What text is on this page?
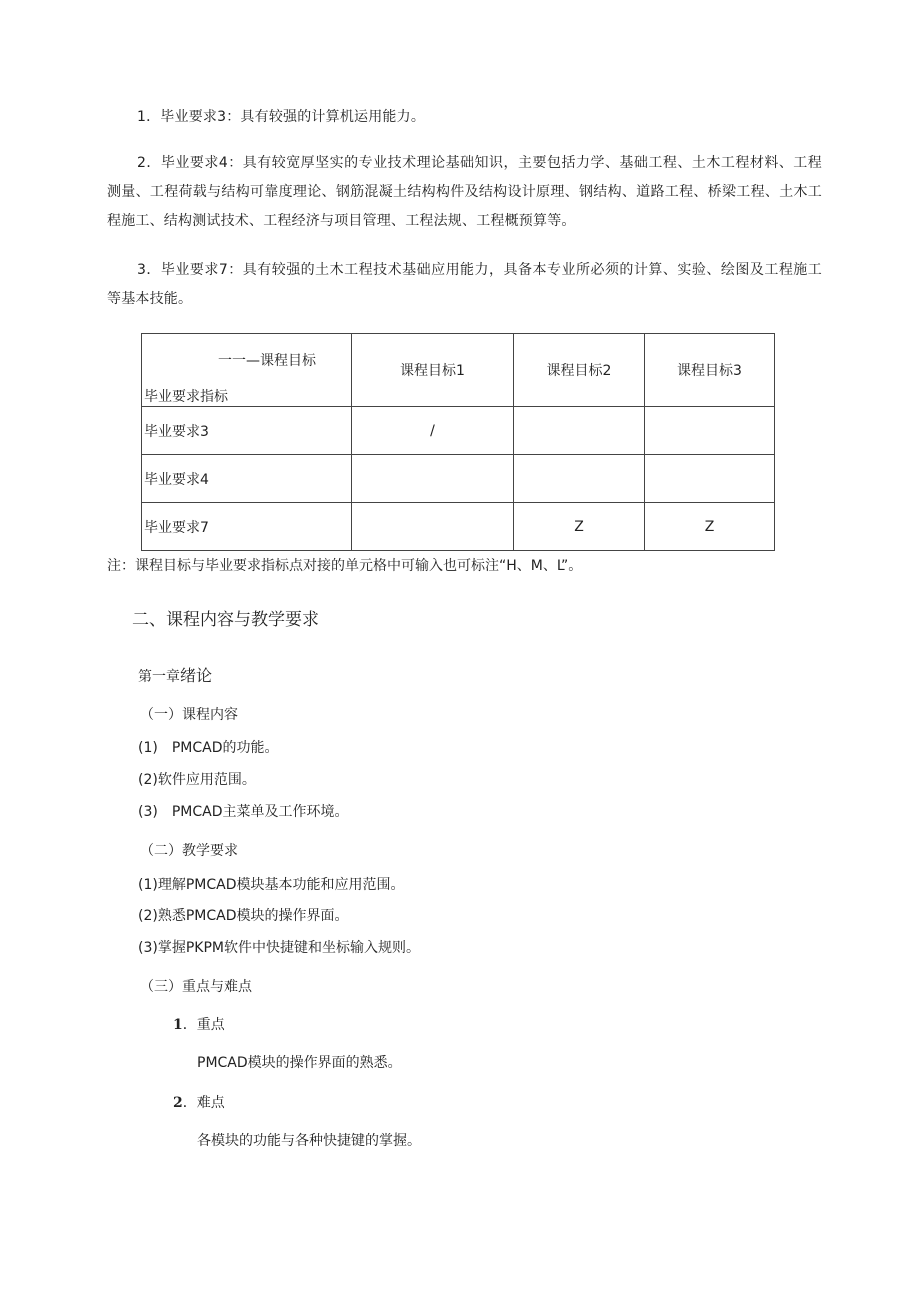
1．毕业要求3：具有较强的计算机运用能力。
2．毕业要求4：具有较宽厚坚实的专业技术理论基础知识，主要包括力学、基础工程、土木工程材料、工程测量、工程荷载与结构可靠度理论、钢筋混凝土结构构件及结构设计原理、钢结构、道路工程、桥梁工程、土木工程施工、结构测试技术、工程经济与项目管理、工程法规、工程概预算等。
3．毕业要求7：具有较强的土木工程技术基础应用能力，具备本专业所必须的计算、实验、绘图及工程施工等基本技能。
一一—课程目标
毕业要求指标	课程目标1	课程目标2	课程目标3
毕业要求3	/		
毕业要求4			
毕业要求7		Z	Z
注：课程目标与毕业要求指标点对接的单元格中可输入也可标注“H、M、L”。
二、课程内容与教学要求
第一章绪论
（一）课程内容
(1)　PMCAD的功能。
(2)软件应用范围。
(3)　PMCAD主菜单及工作环境。
（二）教学要求
(1)理解PMCAD模块基本功能和应用范围。
(2)熟悉PMCAD模块的操作界面。
(3)掌握PKPM软件中快捷键和坐标输入规则。
（三）重点与难点
1．重点
PMCAD模块的操作界面的熟悉。
2．难点
各模块的功能与各种快捷键的掌握。
